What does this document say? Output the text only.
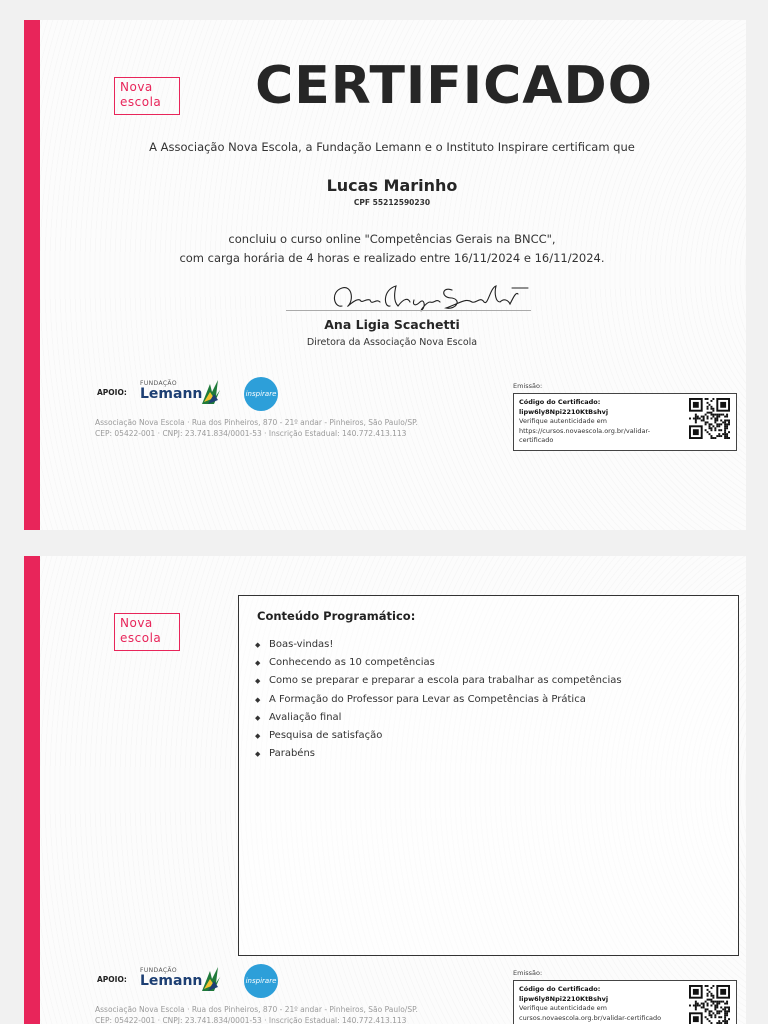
Nova
escola	CERTIFICADO
A Associação Nova Escola, a Fundação Lemann e o Instituto Inspirare certificam que
Lucas Marinho
CPF 55212590230
concluiu o curso online "Competências Gerais na BNCC",
com carga horária de 4 horas e realizado entre 16/11/2024 e 16/11/2024.
Ana Ligia Scachetti
Diretora da Associação Nova Escola
APOIO:
FUNDAÇÃO
Lemann	inspirare
Associação Nova Escola · Rua dos Pinheiros, 870 - 21º andar - Pinheiros, São Paulo/SP.
CEP: 05422-001 · CNPJ: 23.741.834/0001-53 · Inscrição Estadual: 140.772.413.113
Emissão:
Código do Certificado:
lipw6ly8Npi2210KtBshvj
Verifique autenticidade em
https://cursos.novaescola.org.br/validar-
certificado
Nova
escola
Conteúdo Programático:
◆ Boas-vindas!
◆ Conhecendo as 10 competências
◆ Como se preparar e preparar a escola para trabalhar as competências
◆ A Formação do Professor para Levar as Competências à Prática
◆ Avaliação final
◆ Pesquisa de satisfação
◆ Parabéns
APOIO:
FUNDAÇÃO
Lemann	inspirare
Associação Nova Escola · Rua dos Pinheiros, 870 - 21º andar - Pinheiros, São Paulo/SP.
CEP: 05422-001 · CNPJ: 23.741.834/0001-53 · Inscrição Estadual: 140.772.413.113
Emissão:
Código do Certificado:
lipw6ly8Npi2210KtBshvj
Verifique autenticidade em
cursos.novaescola.org.br/validar-certificado
